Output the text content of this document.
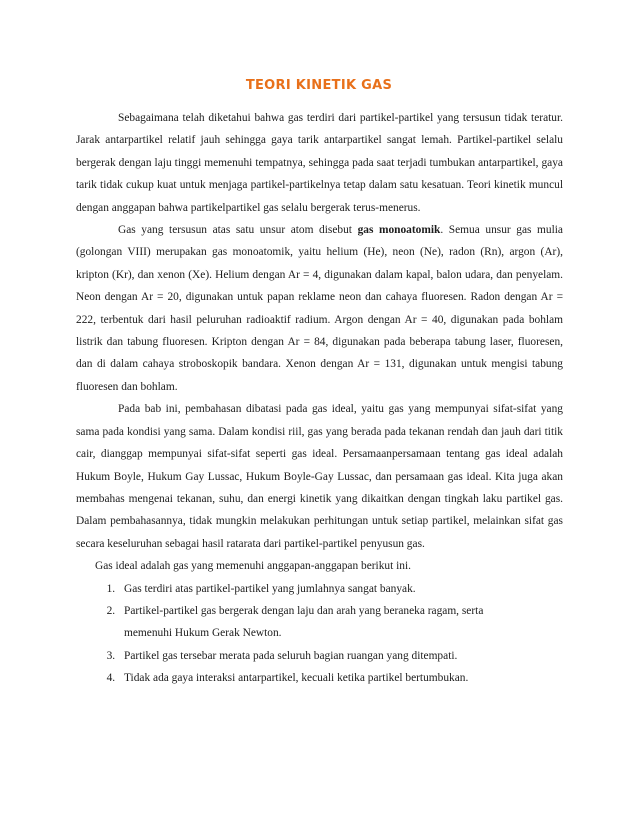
TEORI KINETIK GAS

Sebagaimana telah diketahui bahwa gas terdiri dari partikel-partikel yang tersusun tidak teratur. Jarak antarpartikel relatif jauh sehingga gaya tarik antarpartikel sangat lemah. Partikel-partikel selalu bergerak dengan laju tinggi memenuhi tempatnya, sehingga pada saat terjadi tumbukan antarpartikel, gaya tarik tidak cukup kuat untuk menjaga partikel-partikelnya tetap dalam satu kesatuan. Teori kinetik muncul dengan anggapan bahwa partikelpartikel gas selalu bergerak terus-menerus.

Gas yang tersusun atas satu unsur atom disebut gas monoatomik. Semua unsur gas mulia (golongan VIII) merupakan gas monoatomik, yaitu helium (He), neon (Ne), radon (Rn), argon (Ar), kripton (Kr), dan xenon (Xe). Helium dengan Ar = 4, digunakan dalam kapal, balon udara, dan penyelam. Neon dengan Ar = 20, digunakan untuk papan reklame neon dan cahaya fluoresen. Radon dengan Ar = 222, terbentuk dari hasil peluruhan radioaktif radium. Argon dengan Ar = 40, digunakan pada bohlam listrik dan tabung fluoresen. Kripton dengan Ar = 84, digunakan pada beberapa tabung laser, fluoresen, dan di dalam cahaya stroboskopik bandara. Xenon dengan Ar = 131, digunakan untuk mengisi tabung fluoresen dan bohlam.

Pada bab ini, pembahasan dibatasi pada gas ideal, yaitu gas yang mempunyai sifat-sifat yang sama pada kondisi yang sama. Dalam kondisi riil, gas yang berada pada tekanan rendah dan jauh dari titik cair, dianggap mempunyai sifat-sifat seperti gas ideal. Persamaanpersamaan tentang gas ideal adalah Hukum Boyle, Hukum Gay Lussac, Hukum Boyle-Gay Lussac, dan persamaan gas ideal. Kita juga akan membahas mengenai tekanan, suhu, dan energi kinetik yang dikaitkan dengan tingkah laku partikel gas. Dalam pembahasannya, tidak mungkin melakukan perhitungan untuk setiap partikel, melainkan sifat gas secara keseluruhan sebagai hasil ratarata dari partikel-partikel penyusun gas.

Gas ideal adalah gas yang memenuhi anggapan-anggapan berikut ini.

1. Gas terdiri atas partikel-partikel yang jumlahnya sangat banyak.
2. Partikel-partikel gas bergerak dengan laju dan arah yang beraneka ragam, serta
memenuhi Hukum Gerak Newton.
3. Partikel gas tersebar merata pada seluruh bagian ruangan yang ditempati.
4. Tidak ada gaya interaksi antarpartikel, kecuali ketika partikel bertumbukan.
